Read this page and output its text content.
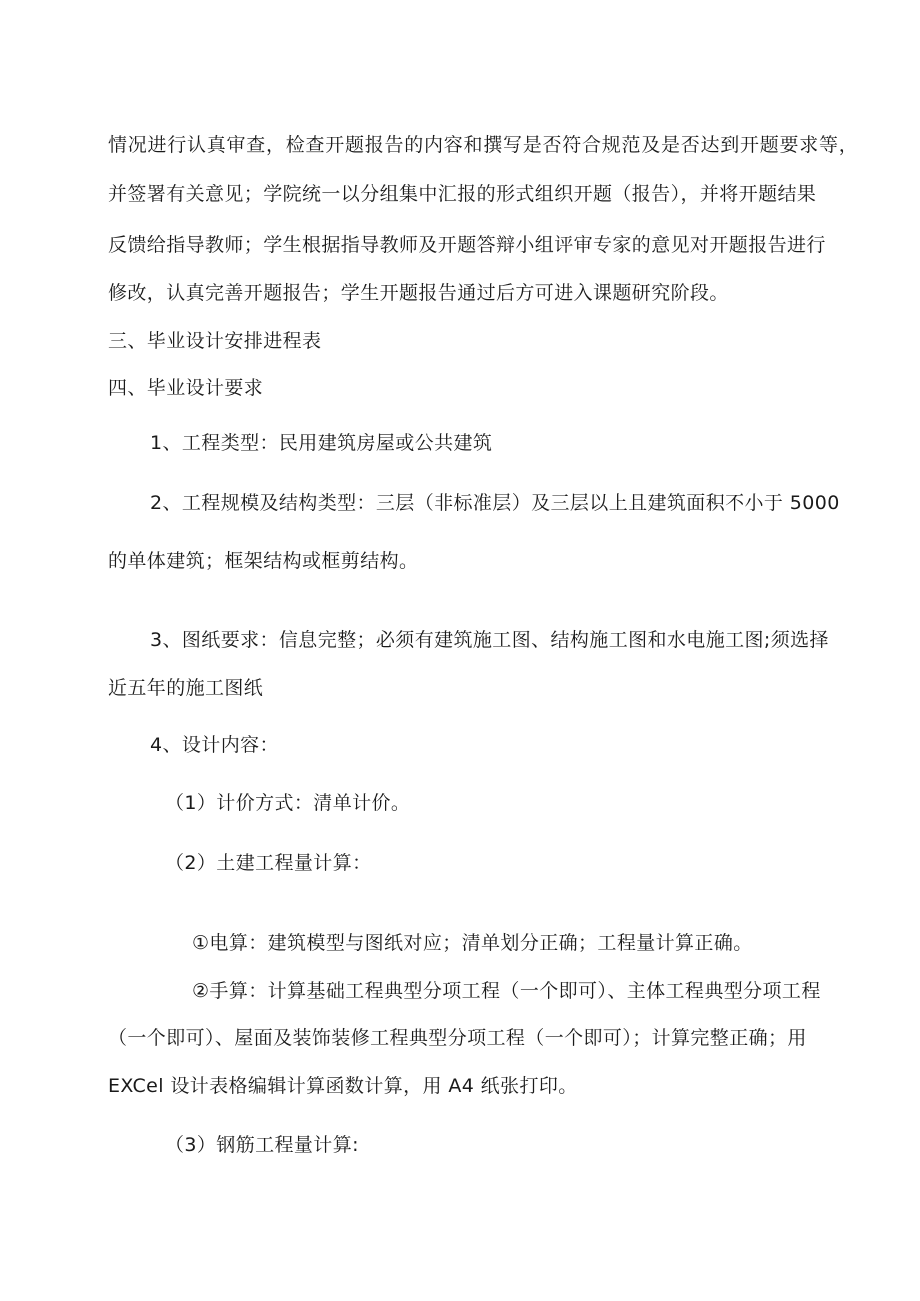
情况进行认真审查，检查开题报告的内容和撰写是否符合规范及是否达到开题要求等，
并签署有关意见；学院统一以分组集中汇报的形式组织开题（报告），并将开题结果
反馈给指导教师；学生根据指导教师及开题答辩小组评审专家的意见对开题报告进行
修改，认真完善开题报告；学生开题报告通过后方可进入课题研究阶段。
三、毕业设计安排进程表
四、毕业设计要求
1、工程类型：民用建筑房屋或公共建筑
2、工程规模及结构类型：三层（非标准层）及三层以上且建筑面积不小于 5000
的单体建筑；框架结构或框剪结构。
3、图纸要求：信息完整；必须有建筑施工图、结构施工图和水电施工图;须选择
近五年的施工图纸
4、设计内容：
（1）计价方式：清单计价。
（2）土建工程量计算：
①电算：建筑模型与图纸对应；清单划分正确；工程量计算正确。
②手算：计算基础工程典型分项工程（一个即可）、主体工程典型分项工程
（一个即可）、屋面及装饰装修工程典型分项工程（一个即可）；计算完整正确；用
EXCel 设计表格编辑计算函数计算，用 A4 纸张打印。
（3）钢筋工程量计算:
